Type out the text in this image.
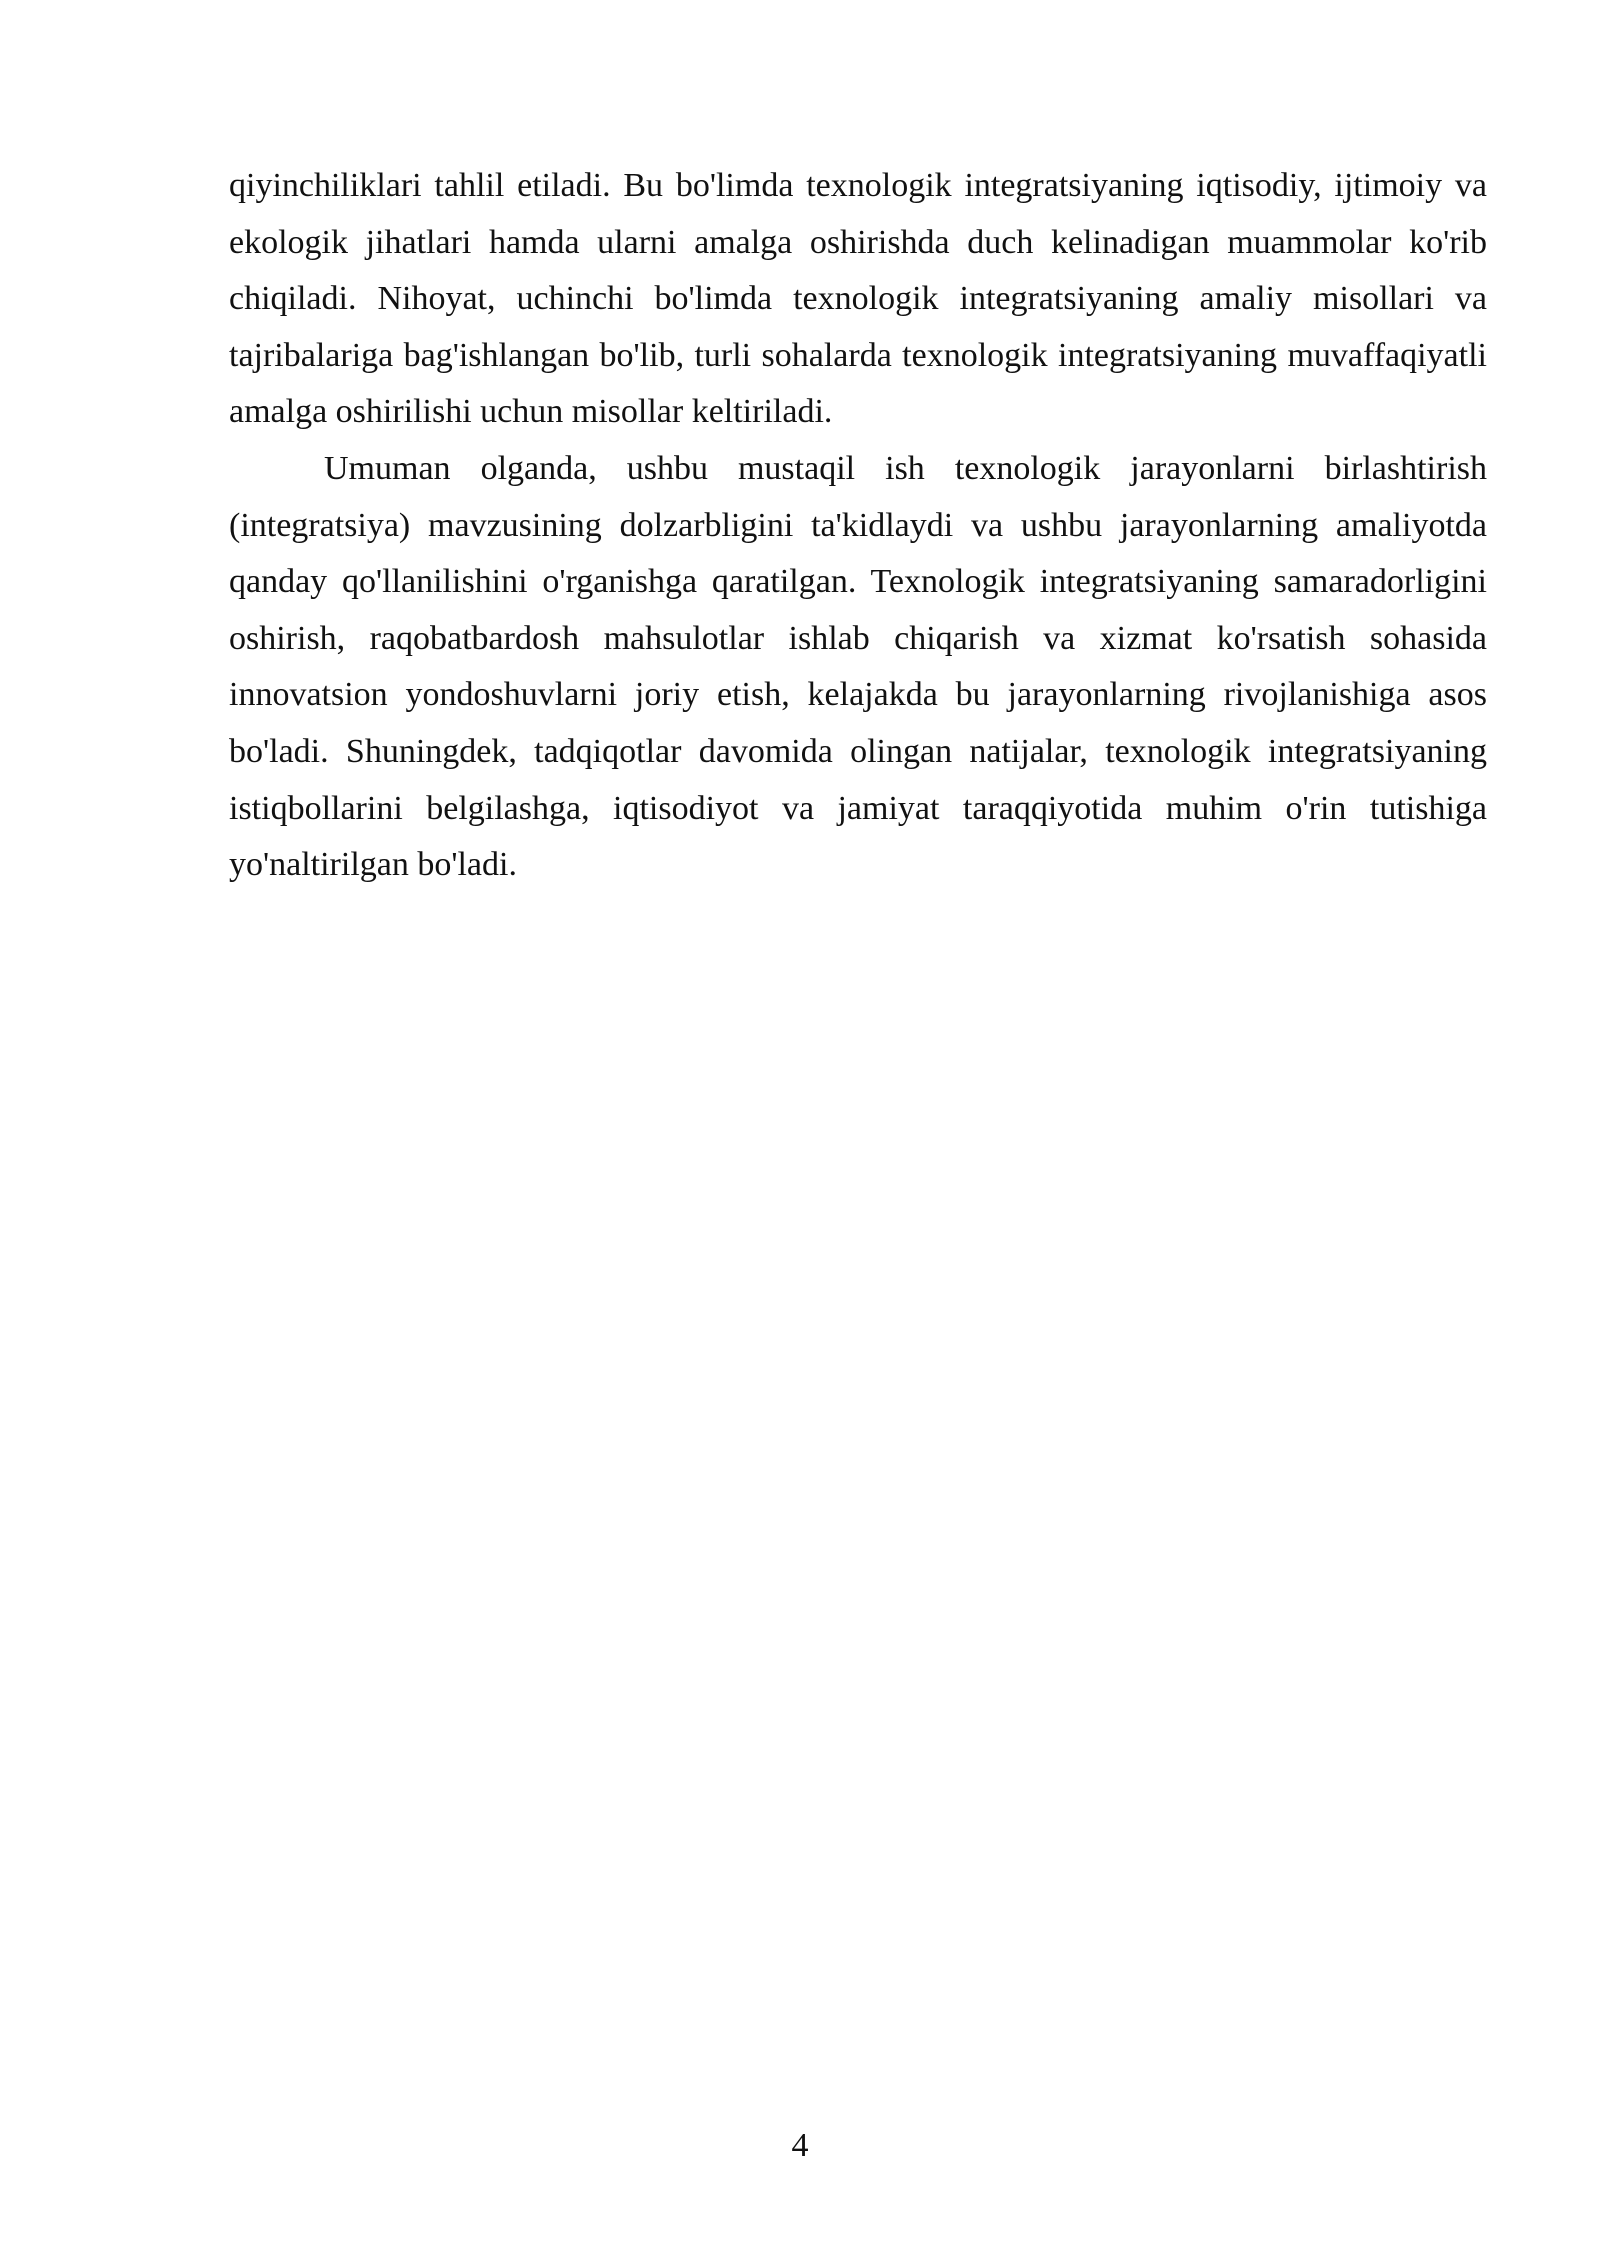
qiyinchiliklari tahlil etiladi. Bu bo'limda texnologik integratsiyaning iqtisodiy, ijtimoiy va ekologik jihatlari hamda ularni amalga oshirishda duch kelinadigan muammolar ko'rib chiqiladi. Nihoyat, uchinchi bo'limda texnologik integratsiyaning amaliy misollari va tajribalariga bag'ishlangan bo'lib, turli sohalarda texnologik integratsiyaning muvaffaqiyatli amalga oshirilishi uchun misollar keltiriladi.

Umuman olganda, ushbu mustaqil ish texnologik jarayonlarni birlashtirish (integratsiya) mavzusining dolzarbligini ta'kidlaydi va ushbu jarayonlarning amaliyotda qanday qo'llanilishini o'rganishga qaratilgan. Texnologik integratsiyaning samaradorligini oshirish, raqobatbardosh mahsulotlar ishlab chiqarish va xizmat ko'rsatish sohasida innovatsion yondoshuvlarni joriy etish, kelajakda bu jarayonlarning rivojlanishiga asos bo'ladi. Shuningdek, tadqiqotlar davomida olingan natijalar, texnologik integratsiyaning istiqbollarini belgilashga, iqtisodiyot va jamiyat taraqqiyotida muhim o'rin tutishiga yo'naltirilgan bo'ladi.

4
